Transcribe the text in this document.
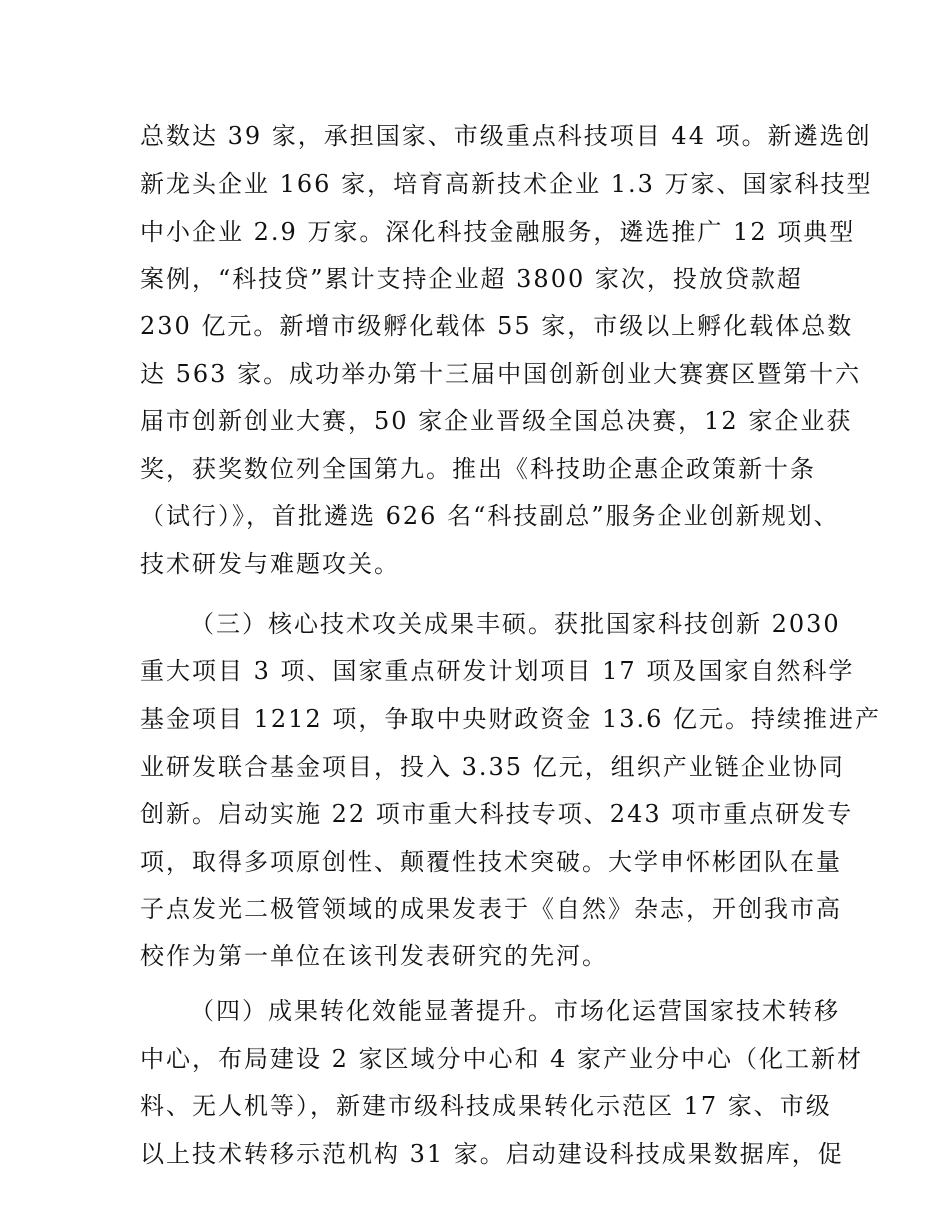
总数达 39 家，承担国家、市级重点科技项目 44 项。新遴选创
新龙头企业 166 家，培育高新技术企业 1.3 万家、国家科技型
中小企业 2.9 万家。深化科技金融服务，遴选推广 12 项典型
案例，“科技贷”累计支持企业超 3800 家次，投放贷款超
230 亿元。新增市级孵化载体 55 家，市级以上孵化载体总数
达 563 家。成功举办第十三届中国创新创业大赛赛区暨第十六
届市创新创业大赛，50 家企业晋级全国总决赛，12 家企业获
奖，获奖数位列全国第九。推出《科技助企惠企政策新十条
（试行）》，首批遴选 626 名“科技副总”服务企业创新规划、
技术研发与难题攻关。
（三）核心技术攻关成果丰硕。获批国家科技创新 2030
重大项目 3 项、国家重点研发计划项目 17 项及国家自然科学
基金项目 1212 项，争取中央财政资金 13.6 亿元。持续推进产
业研发联合基金项目，投入 3.35 亿元，组织产业链企业协同
创新。启动实施 22 项市重大科技专项、243 项市重点研发专
项，取得多项原创性、颠覆性技术突破。大学申怀彬团队在量
子点发光二极管领域的成果发表于《自然》杂志，开创我市高
校作为第一单位在该刊发表研究的先河。
（四）成果转化效能显著提升。市场化运营国家技术转移
中心，布局建设 2 家区域分中心和 4 家产业分中心（化工新材
料、无人机等），新建市级科技成果转化示范区 17 家、市级
以上技术转移示范机构 31 家。启动建设科技成果数据库，促
